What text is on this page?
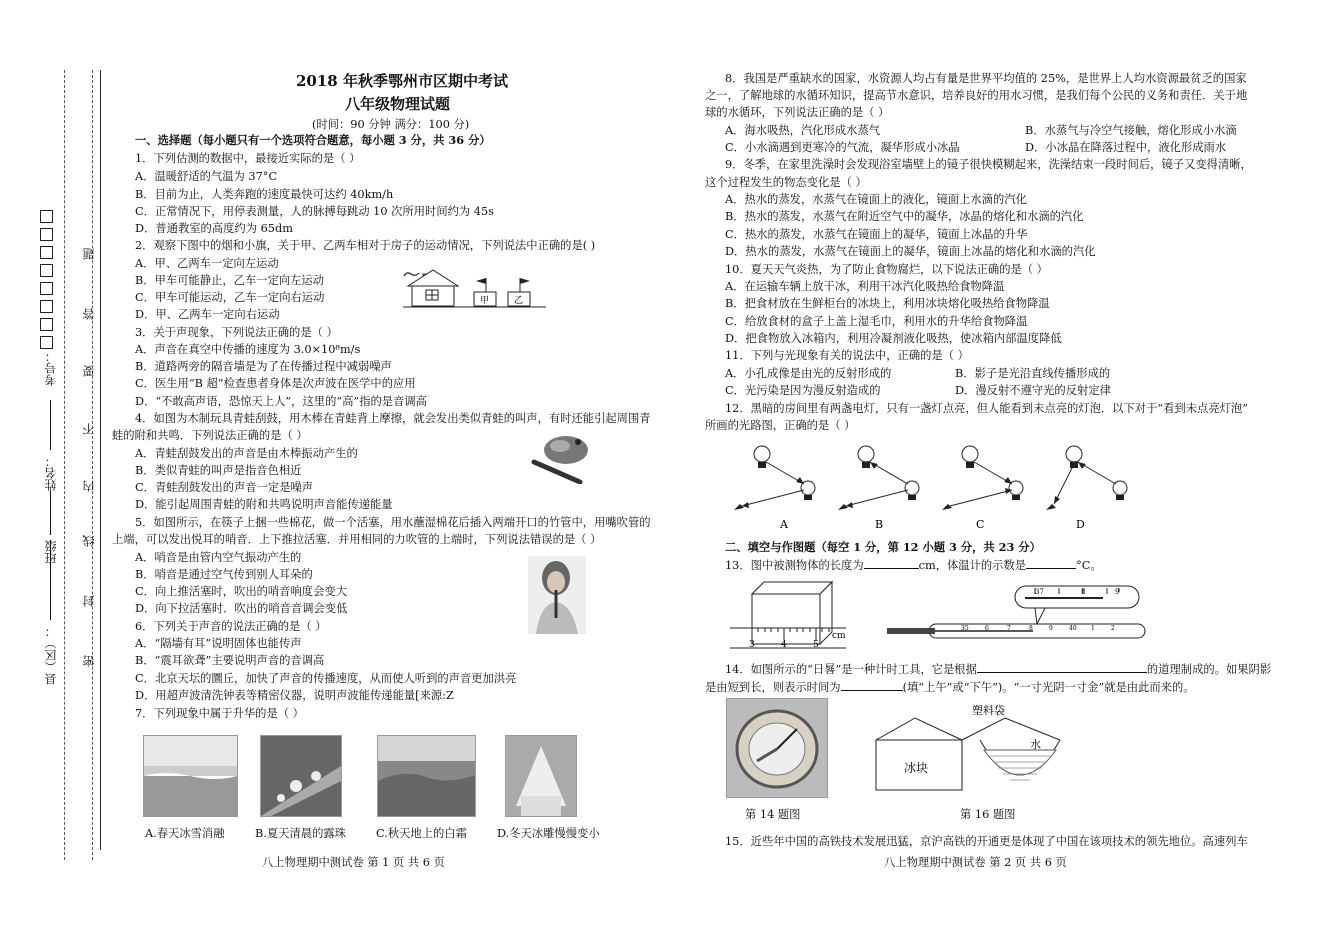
县（区）：
班级
姓名：
考号：
密
封
线
内
不
要
答
题
2018 年秋季鄂州市区期中考试
八年级物理试题
(时间：90 分钟 满分：100 分)
一、选择题（每小题只有一个选项符合题意，每小题 3 分，共 36 分）
1．下列估测的数据中，最接近实际的是（ ）
A．温暖舒适的气温为 37°C
B．目前为止，人类奔跑的速度最快可达约 40km/h
C．正常情况下，用停表测量，人的脉搏每跳动 10 次所用时间约为 45s
D．普通教室的高度约为 65dm
2．观察下图中的烟和小旗，关于甲、乙两车相对于房子的运动情况，下列说法中正确的是( )
A．甲、乙两车一定向左运动
B．甲车可能静止，乙车一定向左运动
C．甲车可能运动，乙车一定向右运动
D．甲、乙两车一定向右运动
3．关于声现象，下列说法正确的是（ ）
A．声音在真空中传播的速度为 3.0×10⁸m/s
B．道路两旁的隔音墙是为了在传播过程中减弱噪声
C．医生用“B 超”检查患者身体是次声波在医学中的应用
D．“不敢高声语，恐惊天上人”，这里的“高”指的是音调高
4．如图为木制玩具青蛙刮鼓，用木棒在青蛙背上摩擦，就会发出类似青蛙的叫声，有时还能引起周围青
蛙的附和共鸣．下列说法正确的是（ ）
A．青蛙刮鼓发出的声音是由木棒振动产生的
B．类似青蛙的叫声是指音色相近
C．青蛙刮鼓发出的声音一定是噪声
D．能引起周围青蛙的附和共鸣说明声音能传递能量
5．如图所示，在筷子上捆一些棉花，做一个活塞，用水蘸湿棉花后插入两端开口的竹管中，用嘴吹管的
上端，可以发出悦耳的哨音．上下推拉活塞．并用相同的力吹管的上端时，下列说法错误的是（ ）
A．哨音是由管内空气振动产生的
B．哨音是通过空气传到别人耳朵的
C．向上推活塞时，吹出的哨音响度会变大
D．向下拉活塞时．吹出的哨音音调会变低
6．下列关于声音的说法正确的是（ ）
A．“隔墙有耳”说明固体也能传声
B．“震耳欲聋”主要说明声音的音调高
C．北京天坛的圜丘，加快了声音的传播速度，从而使人听到的声音更加洪亮
D．用超声波清洗钟表等精密仪器，说明声波能传递能量[来源:Z
7．下列现象中属于升华的是（ ）
甲	乙
A.春天冰雪消融	B.夏天清晨的露珠	C.秋天地上的白霜	D.冬天冰雕慢慢变小
八上物理期中测试卷 第 1 页 共 6 页
8．我国是严重缺水的国家，水资源人均占有量是世界平均值的 25%，是世界上人均水资源最贫乏的国家
之一，了解地球的水循环知识，提高节水意识，培养良好的用水习惯，是我们每个公民的义务和责任．关于地
球的水循环，下列说法正确的是（ ）
A．海水吸热，汽化形成水蒸气	B．水蒸气与冷空气接触，熔化形成小水滴
C．小水滴遇到更寒冷的气流，凝华形成小冰晶	D．小冰晶在降落过程中，液化形成雨水
9．冬季，在家里洗澡时会发现浴室墙壁上的镜子很快模糊起来，洗澡结束一段时间后，镜子又变得清晰，
这个过程发生的物态变化是（ ）
A．热水的蒸发，水蒸气在镜面上的液化，镜面上水滴的汽化
B．热水的蒸发，水蒸气在附近空气中的凝华，冰晶的熔化和水滴的汽化
C．热水的蒸发，水蒸气在镜面上的凝华，镜面上冰晶的升华
D．热水的蒸发，水蒸气在镜面上的凝华，镜面上冰晶的熔化和水滴的汽化
10．夏天天气炎热，为了防止食物腐烂，以下说法正确的是（ ）
A．在运输车辆上放干冰，利用干冰汽化吸热给食物降温
B．把食材放在生鲜柜台的冰块上，利用冰块熔化吸热给食物降温
C．给放食材的盒子上盖上湿毛巾，利用水的升华给食物降温
D．把食物放入冰箱内，利用冷凝剂液化吸热，使冰箱内部温度降低
11．下列与光现象有关的说法中，正确的是（ ）
A．小孔成像是由光的反射形成的	B．影子是光沿直线传播形成的
C．光污染是因为漫反射造成的	D．漫反射不遵守光的反射定律
12．黑暗的房间里有两盏电灯，只有一盏灯点亮，但人能看到未点亮的灯泡．以下对于“看到未点亮灯泡”
所画的光路图，正确的是（ ）
A	B	C	D
二、填空与作图题（每空 1 分，第 12 小题 3 分，共 23 分）
13．图中被测物体的长度为	cm，体温计的示数是	°C。
3	4	5
cm
37	8	9
35	6	7	8	9	40 1	2
14．如图所示的“日晷”是一种计时工具，它是根据	的道理制成的。如果阴影
是由短到长，则表示时间为	(填“上午”或“下午”)。“一寸光阴一寸金”就是由此而来的。
塑料袋
冰块
水
第 14 题图	第 16 题图
15．近些年中国的高铁技术发展迅猛，京沪高铁的开通更是体现了中国在该项技术的领先地位。高速列车
八上物理期中测试卷 第 2 页 共 6 页
